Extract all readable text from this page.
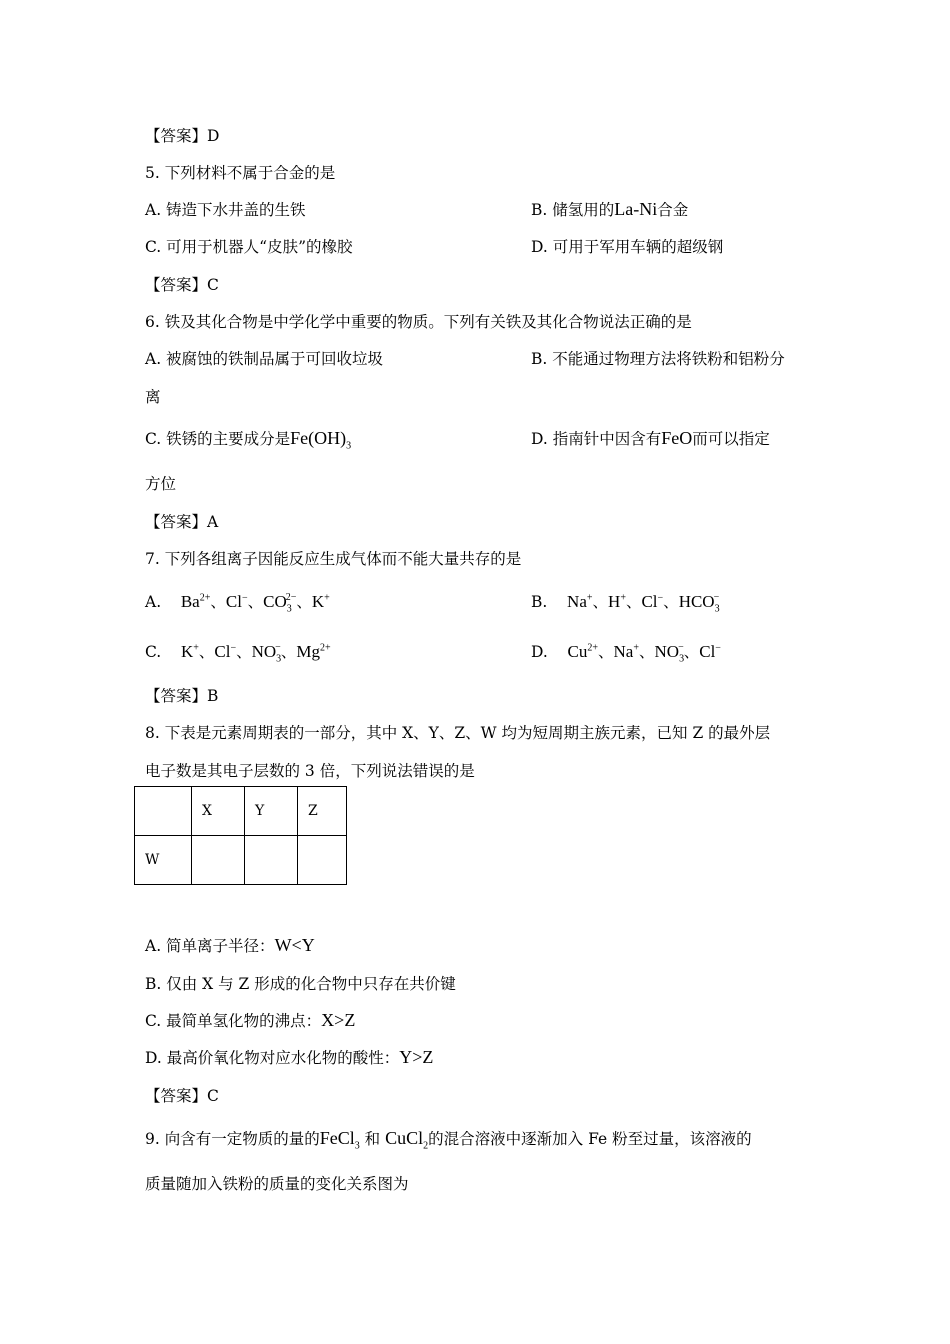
【答案】D
5. 下列材料不属于合金的是
A. 铸造下水井盖的生铁	B. 储氢用的La-Ni合金
C. 可用于机器人“皮肤”的橡胶	D. 可用于军用车辆的超级钢
【答案】C
6. 铁及其化合物是中学化学中重要的物质。下列有关铁及其化合物说法正确的是
A. 被腐蚀的铁制品属于可回收垃圾	B. 不能通过物理方法将铁粉和铝粉分
离
C. 铁锈的主要成分是$Fe(OH)_3$	D. 指南针中因含有FeO而可以指定
方位
【答案】A
7. 下列各组离子因能反应生成气体而不能大量共存的是
A. $Ba^{2+}$、Cl−、$CO_3^{2-}$、K+	B. Na+、H+、Cl−、$HCO_3^-$
C. K+、Cl−、$NO_3^-$、$Mg^{2+}$	D. $Cu^{2+}$、Na+、$NO_3^-$、Cl−
【答案】B
8. 下表是元素周期表的一部分，其中 X、Y、Z、W 均为短周期主族元素，已知 Z 的最外层
电子数是其电子层数的 3 倍，下列说法错误的是
	X	Y	Z
W			
A. 简单离子半径：W<Y
B. 仅由 X 与 Z 形成的化合物中只存在共价键
C. 最简单氢化物的沸点：X>Z
D. 最高价氧化物对应水化物的酸性：Y>Z
【答案】C
9. 向含有一定物质的量的FeCl$_3$ 和 CuCl$_2$的混合溶液中逐渐加入 Fe 粉至过量，该溶液的
质量随加入铁粉的质量的变化关系图为
